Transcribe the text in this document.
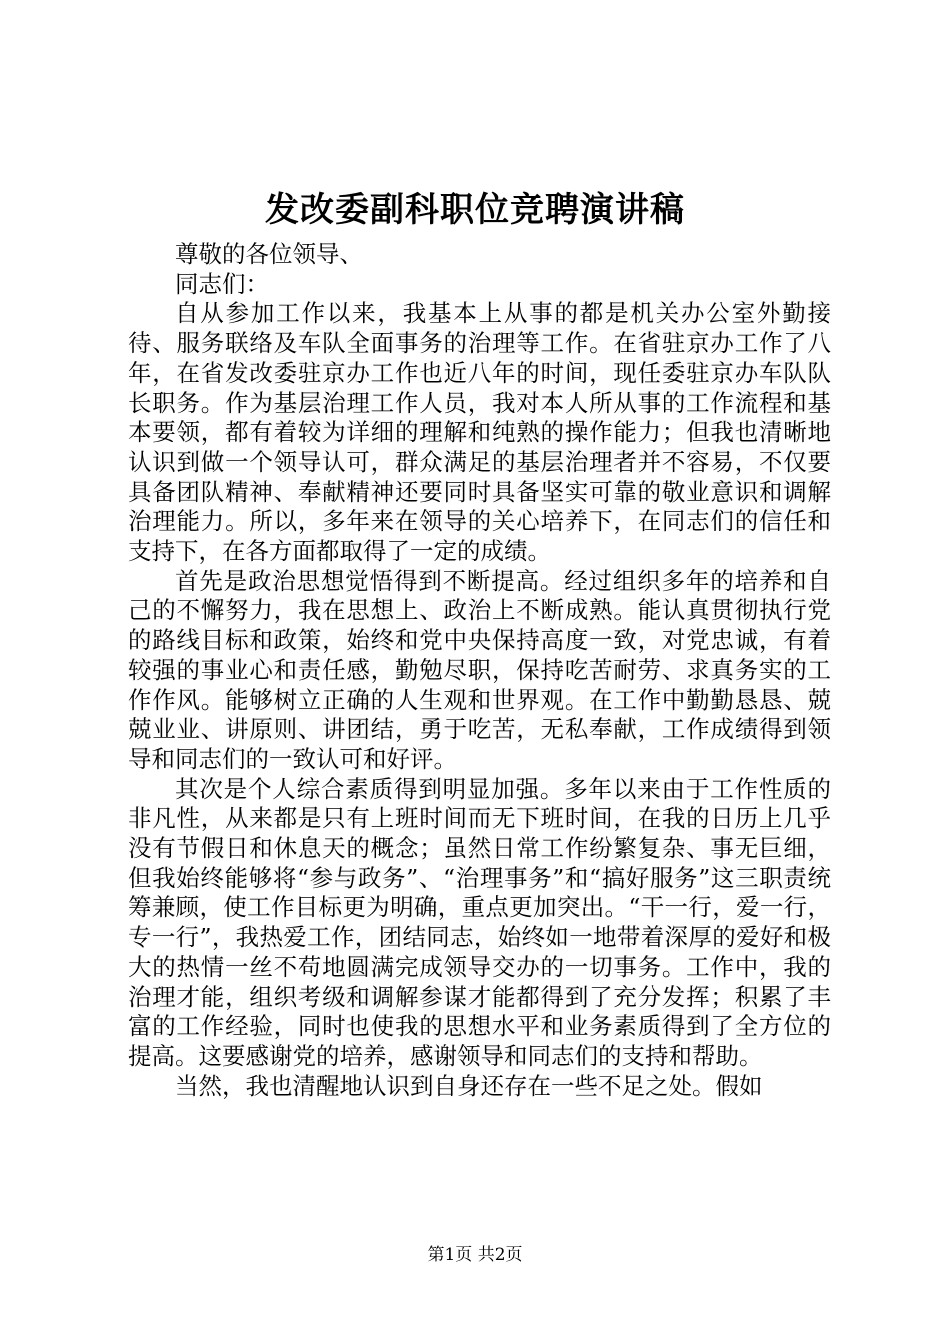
发改委副科职位竞聘演讲稿

尊敬的各位领导、

同志们：

自从参加工作以来，我基本上从事的都是机关办公室外勤接待、服务联络及车队全面事务的治理等工作。在省驻京办工作了八年，在省发改委驻京办工作也近八年的时间，现任委驻京办车队队长职务。作为基层治理工作人员，我对本人所从事的工作流程和基本要领，都有着较为详细的理解和纯熟的操作能力；但我也清晰地认识到做一个领导认可，群众满足的基层治理者并不容易，不仅要具备团队精神、奉献精神还要同时具备坚实可靠的敬业意识和调解治理能力。所以，多年来在领导的关心培养下，在同志们的信任和支持下，在各方面都取得了一定的成绩。

首先是政治思想觉悟得到不断提高。经过组织多年的培养和自己的不懈努力，我在思想上、政治上不断成熟。能认真贯彻执行党的路线目标和政策，始终和党中央保持高度一致，对党忠诚，有着较强的事业心和责任感，勤勉尽职，保持吃苦耐劳、求真务实的工作作风。能够树立正确的人生观和世界观。在工作中勤勤恳恳、兢兢业业、讲原则、讲团结，勇于吃苦，无私奉献，工作成绩得到领导和同志们的一致认可和好评。

其次是个人综合素质得到明显加强。多年以来由于工作性质的非凡性，从来都是只有上班时间而无下班时间，在我的日历上几乎没有节假日和休息天的概念；虽然日常工作纷繁复杂、事无巨细，但我始终能够将“参与政务”、“治理事务”和“搞好服务”这三职责统筹兼顾，使工作目标更为明确，重点更加突出。“干一行，爱一行，专一行”，我热爱工作，团结同志，始终如一地带着深厚的爱好和极大的热情一丝不苟地圆满完成领导交办的一切事务。工作中，我的治理才能，组织考级和调解参谋才能都得到了充分发挥；积累了丰富的工作经验，同时也使我的思想水平和业务素质得到了全方位的提高。这要感谢党的培养，感谢领导和同志们的支持和帮助。

当然，我也清醒地认识到自身还存在一些不足之处。假如

第1页 共2页
